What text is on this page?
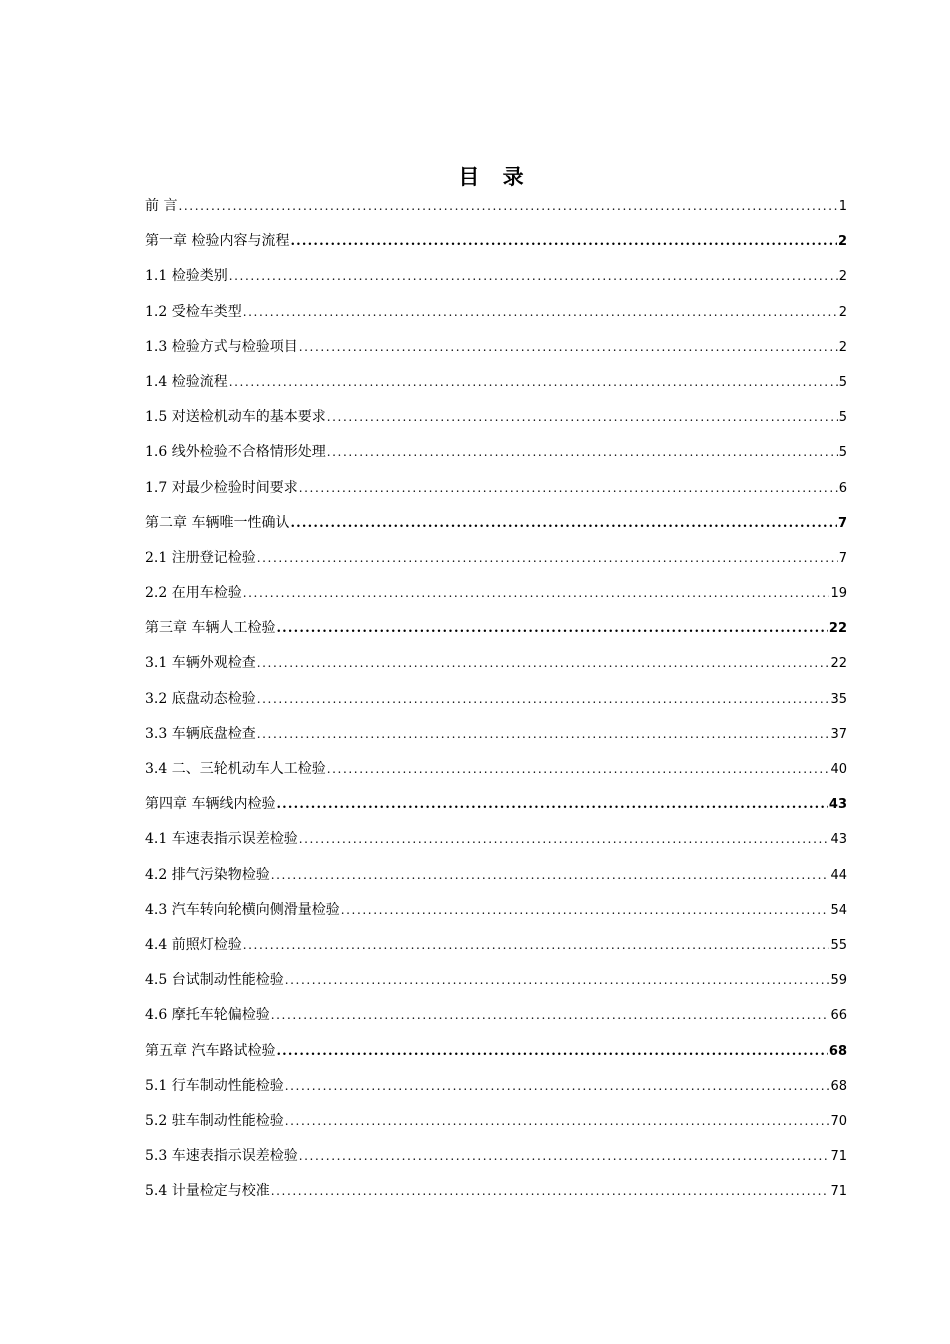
目 录
前 言 .....	1
第一章 检验内容与流程 .....	2
1.1 检验类别 .....	2
1.2 受检车类型 .....	2
1.3 检验方式与检验项目 .....	2
1.4 检验流程 .....	5
1.5 对送检机动车的基本要求 .....	5
1.6 线外检验不合格情形处理 .....	5
1.7 对最少检验时间要求 .....	6
第二章 车辆唯一性确认 .....	7
2.1 注册登记检验 .....	7
2.2 在用车检验 .....	19
第三章 车辆人工检验 .....	22
3.1 车辆外观检查 .....	22
3.2 底盘动态检验 .....	35
3.3 车辆底盘检查 .....	37
3.4 二、三轮机动车人工检验 .....	40
第四章 车辆线内检验 .....	43
4.1 车速表指示误差检验 .....	43
4.2 排气污染物检验 .....	44
4.3 汽车转向轮横向侧滑量检验 .....	54
4.4 前照灯检验 .....	55
4.5 台试制动性能检验 .....	59
4.6 摩托车轮偏检验 .....	66
第五章 汽车路试检验 .....	68
5.1 行车制动性能检验 .....	68
5.2 驻车制动性能检验 .....	70
5.3 车速表指示误差检验 .....	71
5.4 计量检定与校准 .....	71
